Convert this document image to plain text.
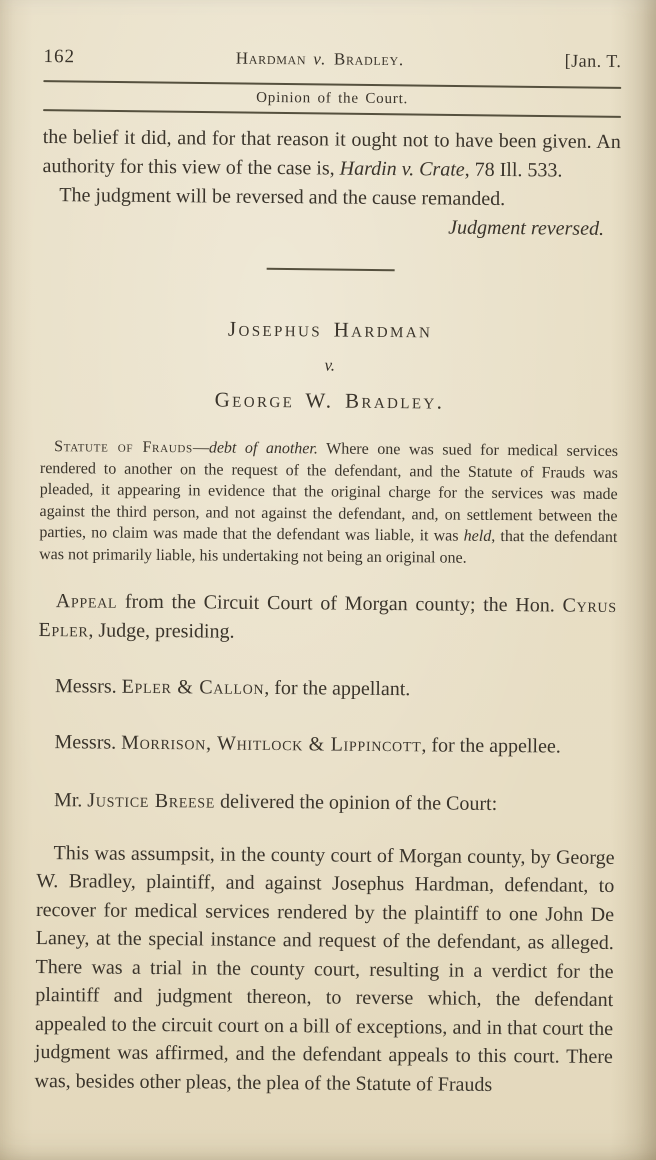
162	Hardman v. Bradley.	[Jan. T.
Opinion of the Court.

the belief it did, and for that reason it ought not to have been given. An authority for this view of the case is, Hardin v. Crate, 78 Ill. 533.

The judgment will be reversed and the cause remanded.

Judgment reversed.

Josephus Hardman
v.
George W. Bradley.

Statute of Frauds—debt of another. Where one was sued for medical services rendered to another on the request of the defendant, and the Statute of Frauds was pleaded, it appearing in evidence that the original charge for the services was made against the third person, and not against the defendant, and, on settlement between the parties, no claim was made that the defendant was liable, it was held, that the defendant was not primarily liable, his undertaking not being an original one.

Appeal from the Circuit Court of Morgan county; the Hon. Cyrus Epler, Judge, presiding.

Messrs. Epler & Callon, for the appellant.

Messrs. Morrison, Whitlock & Lippincott, for the appellee.

Mr. Justice Breese delivered the opinion of the Court:

This was assumpsit, in the county court of Morgan county, by George W. Bradley, plaintiff, and against Josephus Hardman, defendant, to recover for medical services rendered by the plaintiff to one John De Laney, at the special instance and request of the defendant, as alleged. There was a trial in the county court, resulting in a verdict for the plaintiff and judgment thereon, to reverse which, the defendant appealed to the circuit court on a bill of exceptions, and in that court the judgment was affirmed, and the defendant appeals to this court. There was, besides other pleas, the plea of the Statute of Frauds
